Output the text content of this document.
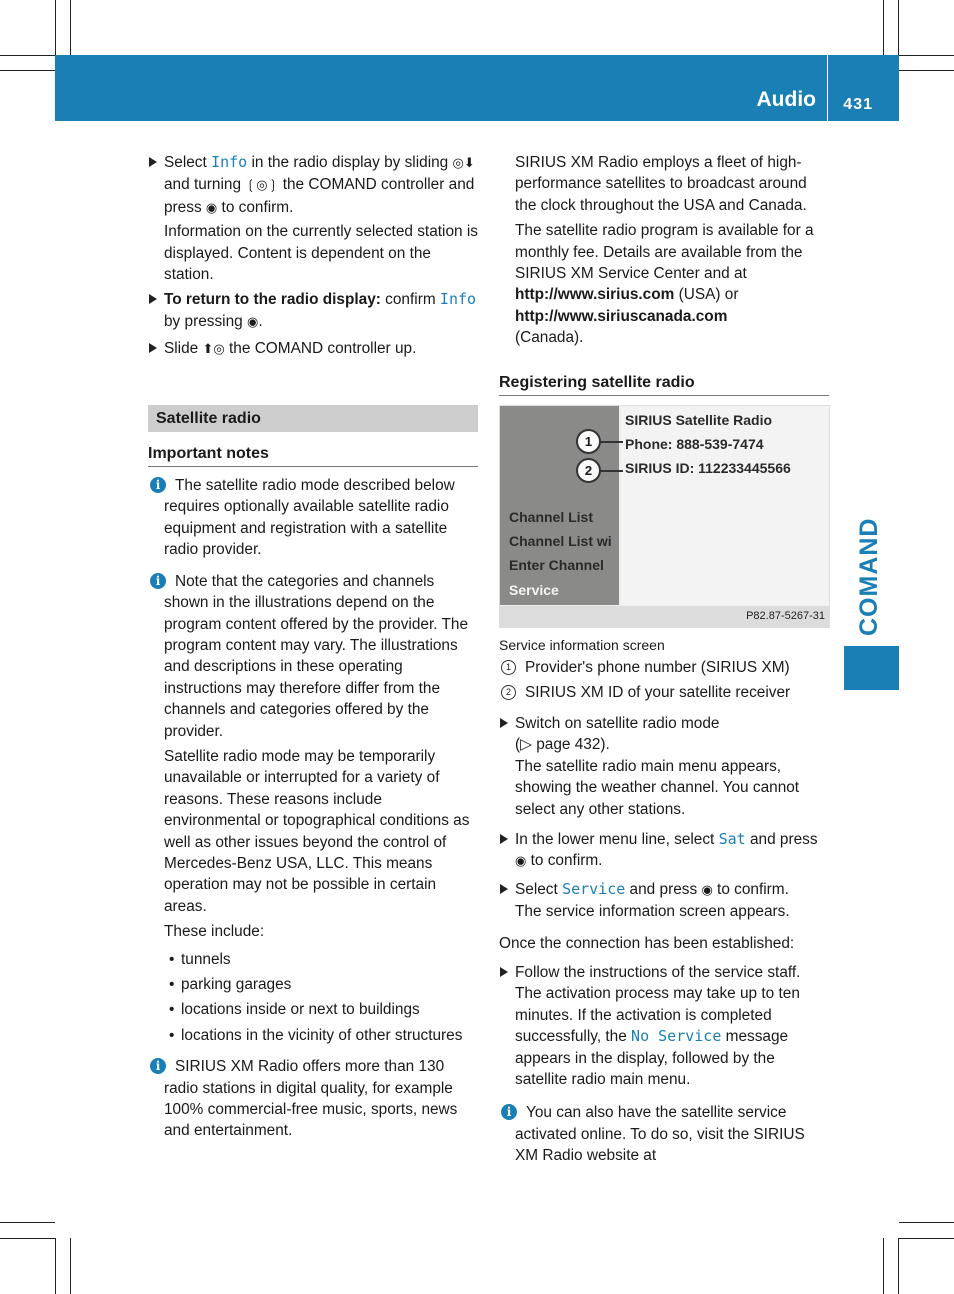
Audio 431
COMAND

Select Info in the radio display by sliding ◎⬇ and turning ❲◎❳ the COMAND controller and press ◉ to confirm.

Information on the currently selected station is displayed. Content is dependent on the station.

To return to the radio display: confirm Info by pressing ◉.

Slide ⬆◎ the COMAND controller up.

Satellite radio
Important notes
i The satellite radio mode described below requires optionally available satellite radio equipment and registration with a satellite radio provider.

i Note that the categories and channels shown in the illustrations depend on the program content offered by the provider. The program content may vary. The illustrations and descriptions in these operating instructions may therefore differ from the channels and categories offered by the provider.

Satellite radio mode may be temporarily unavailable or interrupted for a variety of reasons. These reasons include environmental or topographical conditions as well as other issues beyond the control of Mercedes-Benz USA, LLC. This means operation may not be possible in certain areas.

These include:

• tunnels

• parking garages

• locations inside or next to buildings

• locations in the vicinity of other structures

i SIRIUS XM Radio offers more than 130 radio stations in digital quality, for example 100% commercial-free music, sports, news and entertainment.

SIRIUS XM Radio employs a fleet of high-performance satellites to broadcast around the clock throughout the USA and Canada.

The satellite radio program is available for a monthly fee. Details are available from the SIRIUS XM Service Center and at
http://www.sirius.com (USA) or
http://www.siriuscanada.com
(Canada).

Registering satellite radio
SIRIUS Satellite Radio
Phone: 888-539-7474
SIRIUS ID: 112233445566
Channel List
Channel List wi
Enter Channel
Service
1
2
P82.87-5267-31

Service information screen

1 Provider's phone number (SIRIUS XM)

2 SIRIUS XM ID of your satellite receiver

Switch on satellite radio mode
(▷ page 432).
The satellite radio main menu appears, showing the weather channel. You cannot select any other stations.

In the lower menu line, select Sat and press
◉ to confirm.

Select Service and press ◉ to confirm.
The service information screen appears.

Once the connection has been established:

Follow the instructions of the service staff. The activation process may take up to ten minutes. If the activation is completed successfully, the No Service message appears in the display, followed by the satellite radio main menu.

i You can also have the satellite service activated online. To do so, visit the SIRIUS XM Radio website at
